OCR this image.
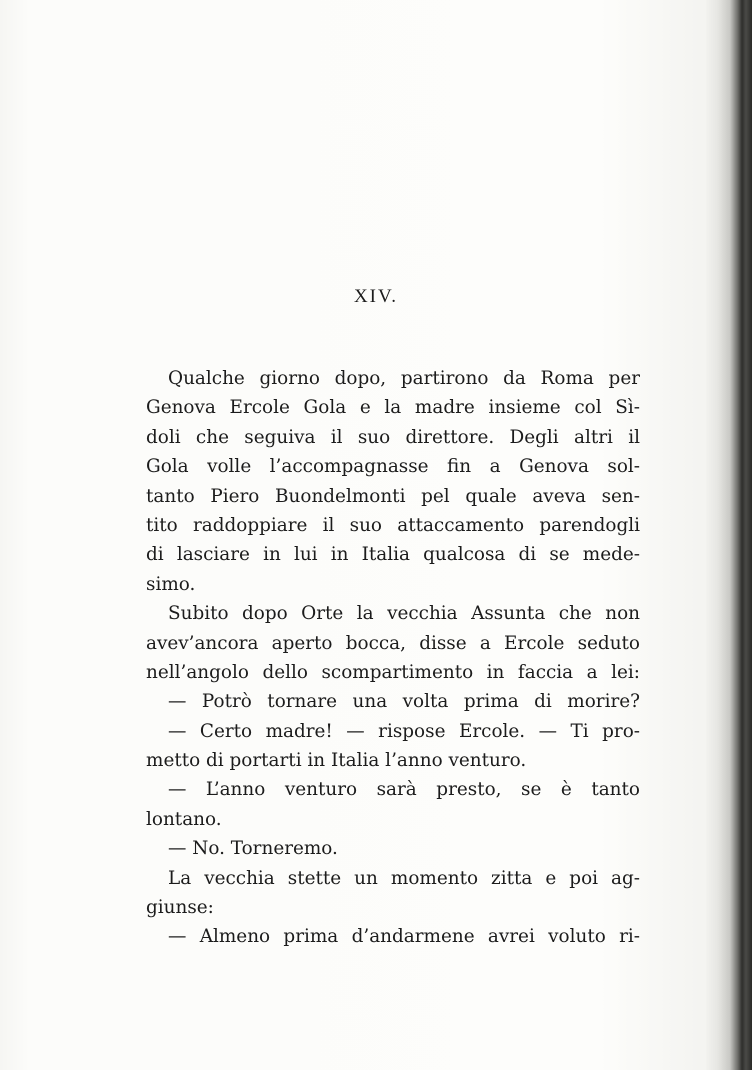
XIV.
Qualche giorno dopo, partirono da Roma per
Genova Ercole Gola e la madre insieme col Sì-
doli che seguiva il suo direttore. Degli altri il
Gola volle l’accompagnasse fin a Genova sol-
tanto Piero Buondelmonti pel quale aveva sen-
tito raddoppiare il suo attaccamento parendogli
di lasciare in lui in Italia qualcosa di se mede-
simo.
Subito dopo Orte la vecchia Assunta che non
avev’ancora aperto bocca, disse a Ercole seduto
nell’angolo dello scompartimento in faccia a lei:
— Potrò tornare una volta prima di morire?
— Certo madre! — rispose Ercole. — Ti pro-
metto di portarti in Italia l’anno venturo.
— L’anno venturo sarà presto, se è tanto
lontano.
— No. Torneremo.
La vecchia stette un momento zitta e poi ag-
giunse:
— Almeno prima d’andarmene avrei voluto ri-
